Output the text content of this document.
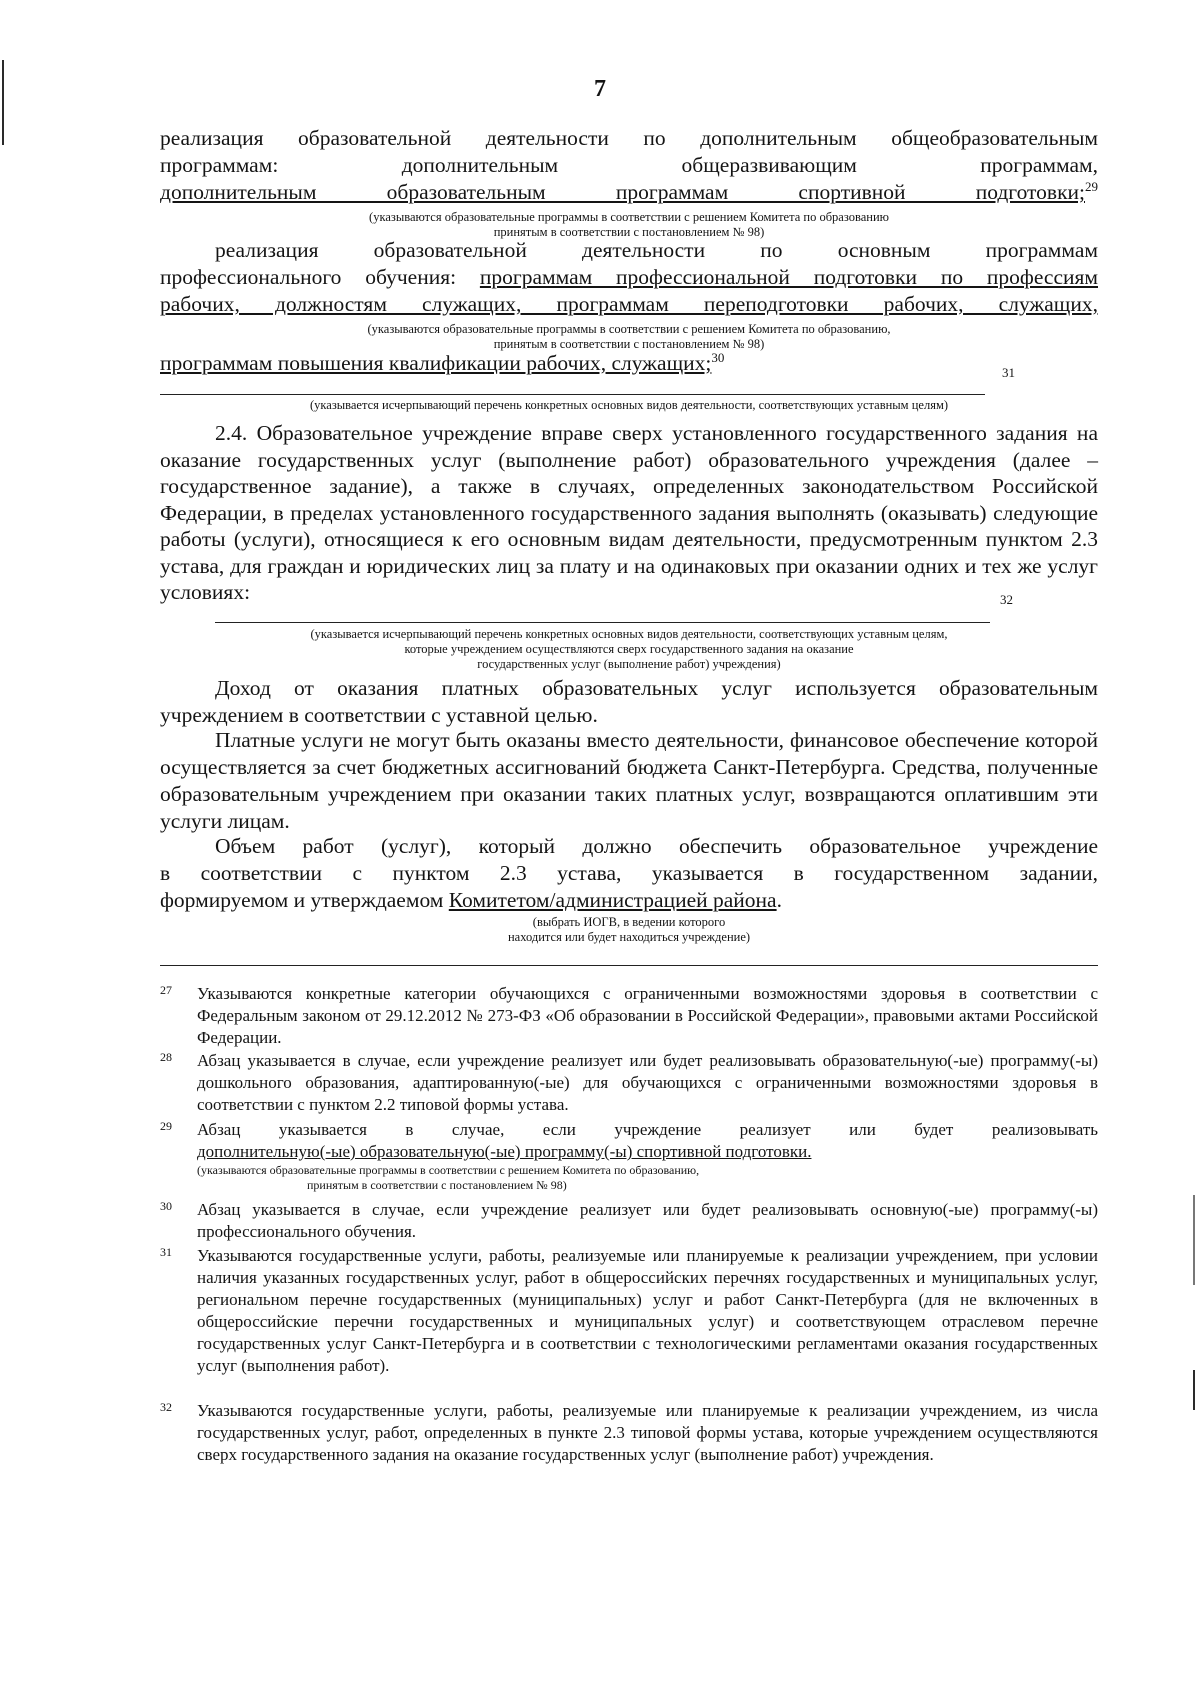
7

реализация образовательной деятельности по дополнительным общеобразовательным

программам: дополнительным общеразвивающим программам,

дополнительным образовательным программам спортивной подготовки;$^{29}$

(указываются образовательные программы в соответствии с решением Комитета по образованию

принятым в соответствии с постановлением № 98)

реализация образовательной деятельности по основным программам

профессионального обучения: программам профессиональной подготовки по профессиям

рабочих, должностям служащих, программам переподготовки рабочих, служащих,

(указываются образовательные программы в соответствии с решением Комитета по образованию,

принятым в соответствии с постановлением № 98)

программам повышения квалификации рабочих, служащих;$^{30}$

31

(указывается исчерпывающий перечень конкретных основных видов деятельности, соответствующих уставным целям)

2.4. Образовательное учреждение вправе сверх установленного государственного задания на оказание государственных услуг (выполнение работ) образовательного учреждения (далее – государственное задание), а также в случаях, определенных законодательством Российской Федерации, в пределах установленного государственного задания выполнять (оказывать) следующие работы (услуги), относящиеся к его основным видам деятельности, предусмотренным пунктом 2.3 устава, для граждан и юридических лиц за плату и на одинаковых при оказании одних и тех же услуг условиях:	32

(указывается исчерпывающий перечень конкретных основных видов деятельности, соответствующих уставным целям,

которые учреждением осуществляются сверх государственного задания на оказание

государственных услуг (выполнение работ) учреждения)

Доход от оказания платных образовательных услуг используется образовательным учреждением в соответствии с уставной целью.

Платные услуги не могут быть оказаны вместо деятельности, финансовое обеспечение которой осуществляется за счет бюджетных ассигнований бюджета Санкт-Петербурга. Средства, полученные образовательным учреждением при оказании таких платных услуг, возвращаются оплатившим эти услуги лицам.

Объем работ (услуг), который должно обеспечить образовательное учреждение

в соответствии с пунктом 2.3 устава, указывается в государственном задании,

формируемом и утверждаемом Комитетом/администрацией района.

(выбрать ИОГВ, в ведении которого

находится или будет находиться учреждение)

27 Указываются конкретные категории обучающихся с ограниченными возможностями здоровья в соответствии с Федеральным законом от 29.12.2012 № 273-ФЗ «Об образовании в Российской Федерации», правовыми актами Российской Федерации.
28 Абзац указывается в случае, если учреждение реализует или будет реализовывать образовательную(-ые) программу(-ы) дошкольного образования, адаптированную(-ые) для обучающихся с ограниченными возможностями здоровья в соответствии с пунктом 2.2 типовой формы устава.
29 Абзац указывается в случае, если учреждение реализует или будет реализовывать
дополнительную(-ые) образовательную(-ые) программу(-ы) спортивной подготовки.
(указываются образовательные программы в соответствии с решением Комитета по образованию,
принятым в соответствии с постановлением № 98)
30 Абзац указывается в случае, если учреждение реализует или будет реализовывать основную(-ые) программу(-ы) профессионального обучения.
31 Указываются государственные услуги, работы, реализуемые или планируемые к реализации учреждением, при условии наличия указанных государственных услуг, работ в общероссийских перечнях государственных и муниципальных услуг, региональном перечне государственных (муниципальных) услуг и работ Санкт-Петербурга (для не включенных в общероссийские перечни государственных и муниципальных услуг) и соответствующем отраслевом перечне государственных услуг Санкт-Петербурга и в соответствии с технологическими регламентами оказания государственных услуг (выполнения работ).
32 Указываются государственные услуги, работы, реализуемые или планируемые к реализации учреждением, из числа государственных услуг, работ, определенных в пункте 2.3 типовой формы устава, которые учреждением осуществляются сверх государственного задания на оказание государственных услуг (выполнение работ) учреждения.
